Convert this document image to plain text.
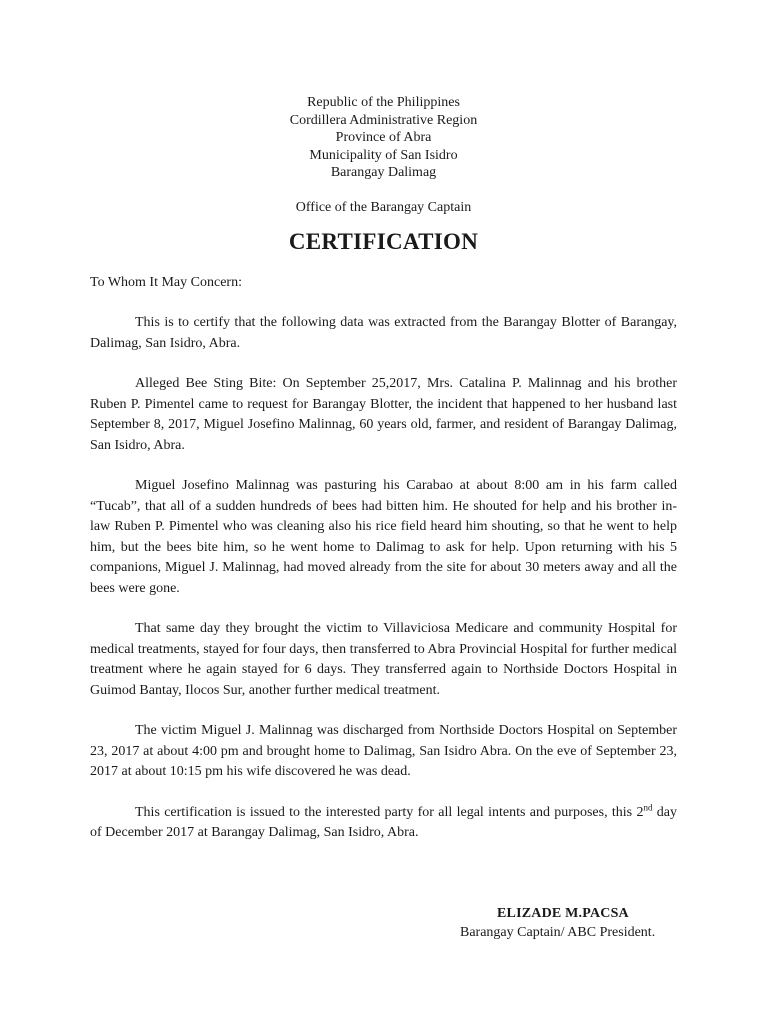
Republic of the Philippines
Cordillera Administrative Region
Province of Abra
Municipality of San Isidro
Barangay Dalimag
Office of the Barangay Captain
CERTIFICATION
To Whom It May Concern:

This is to certify that the following data was extracted from the Barangay Blotter of Barangay, Dalimag, San Isidro, Abra.

Alleged Bee Sting Bite: On September 25,2017, Mrs. Catalina P. Malinnag and his brother Ruben P. Pimentel came to request for Barangay Blotter, the incident that happened to her husband last September 8, 2017, Miguel Josefino Malinnag, 60 years old, farmer, and resident of Barangay Dalimag, San Isidro, Abra.

Miguel Josefino Malinnag was pasturing his Carabao at about 8:00 am in his farm called “Tucab”, that all of a sudden hundreds of bees had bitten him. He shouted for help and his brother in-law Ruben P. Pimentel who was cleaning also his rice field heard him shouting, so that he went to help him, but the bees bite him, so he went home to Dalimag to ask for help. Upon returning with his 5 companions, Miguel J. Malinnag, had moved already from the site for about 30 meters away and all the bees were gone.

That same day they brought the victim to Villaviciosa Medicare and community Hospital for medical treatments, stayed for four days, then transferred to Abra Provincial Hospital for further medical treatment where he again stayed for 6 days. They transferred again to Northside Doctors Hospital in Guimod Bantay, Ilocos Sur, another further medical treatment.

The victim Miguel J. Malinnag was discharged from Northside Doctors Hospital on September 23, 2017 at about 4:00 pm and brought home to Dalimag, San Isidro Abra. On the eve of September 23, 2017 at about 10:15 pm his wife discovered he was dead.

This certification is issued to the interested party for all legal intents and purposes, this 2nd day of December 2017 at Barangay Dalimag, San Isidro, Abra.

ELIZADE M.PACSA
Barangay Captain/ ABC President.
